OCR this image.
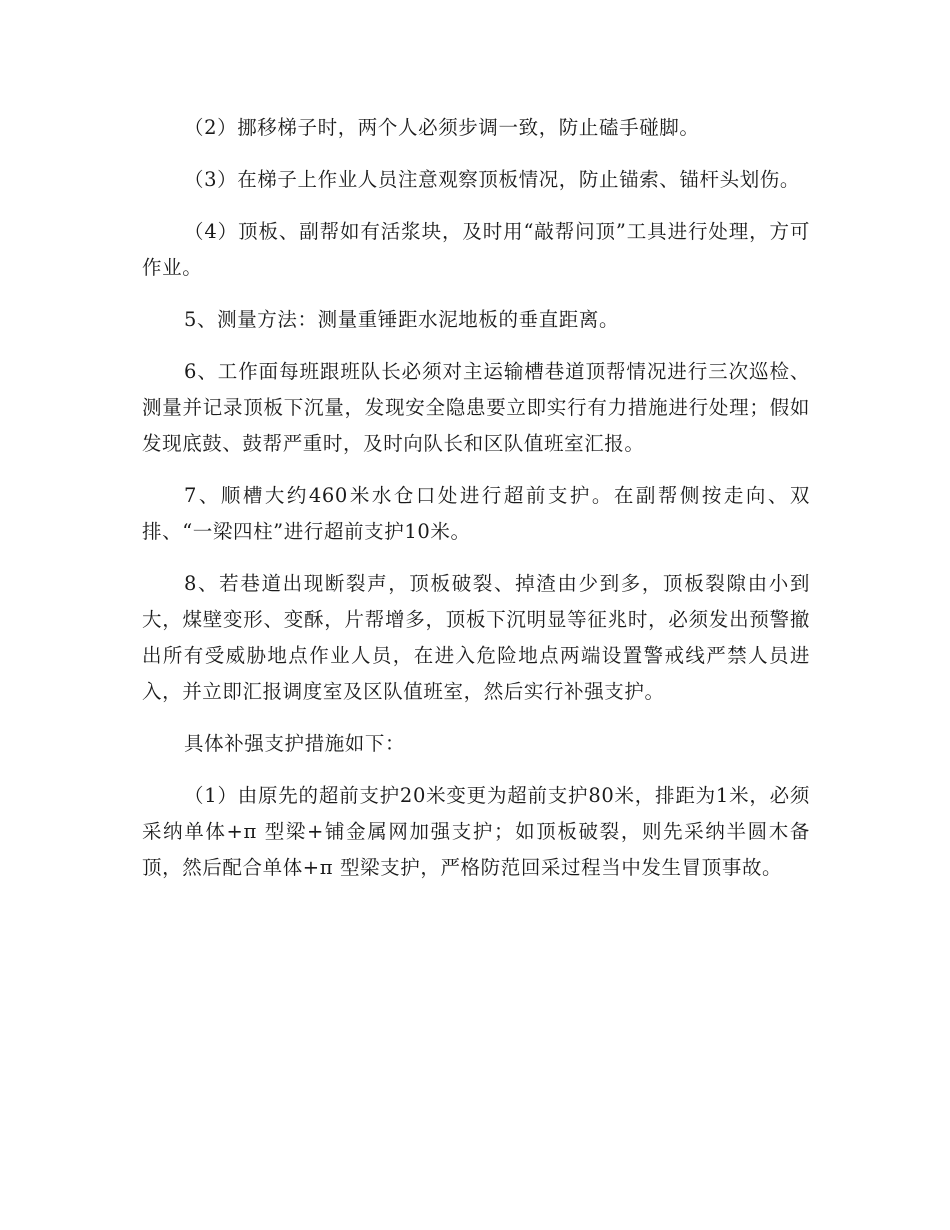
（2）挪移梯子时，两个人必须步调一致，防止磕手碰脚。

（3）在梯子上作业人员注意观察顶板情况，防止锚索、锚杆头划伤。

（4）顶板、副帮如有活浆块，及时用“敲帮问顶”工具进行处理，方可作业。

5、测量方法：测量重锤距水泥地板的垂直距离。

6、工作面每班跟班队长必须对主运输槽巷道顶帮情况进行三次巡检、测量并记录顶板下沉量，发现安全隐患要立即实行有力措施进行处理；假如发现底鼓、鼓帮严重时，及时向队长和区队值班室汇报。

7、顺槽大约460米水仓口处进行超前支护。在副帮侧按走向、双排、“一梁四柱”进行超前支护10米。

8、若巷道出现断裂声，顶板破裂、掉渣由少到多，顶板裂隙由小到大，煤壁变形、变酥，片帮增多，顶板下沉明显等征兆时，必须发出预警撤出所有受威胁地点作业人员，在进入危险地点两端设置警戒线严禁人员进入，并立即汇报调度室及区队值班室，然后实行补强支护。

具体补强支护措施如下：

（1）由原先的超前支护20米变更为超前支护80米，排距为1米，必须采纳单体+π 型梁+铺金属网加强支护；如顶板破裂，则先采纳半圆木备顶，然后配合单体+π 型梁支护，严格防范回采过程当中发生冒顶事故。
